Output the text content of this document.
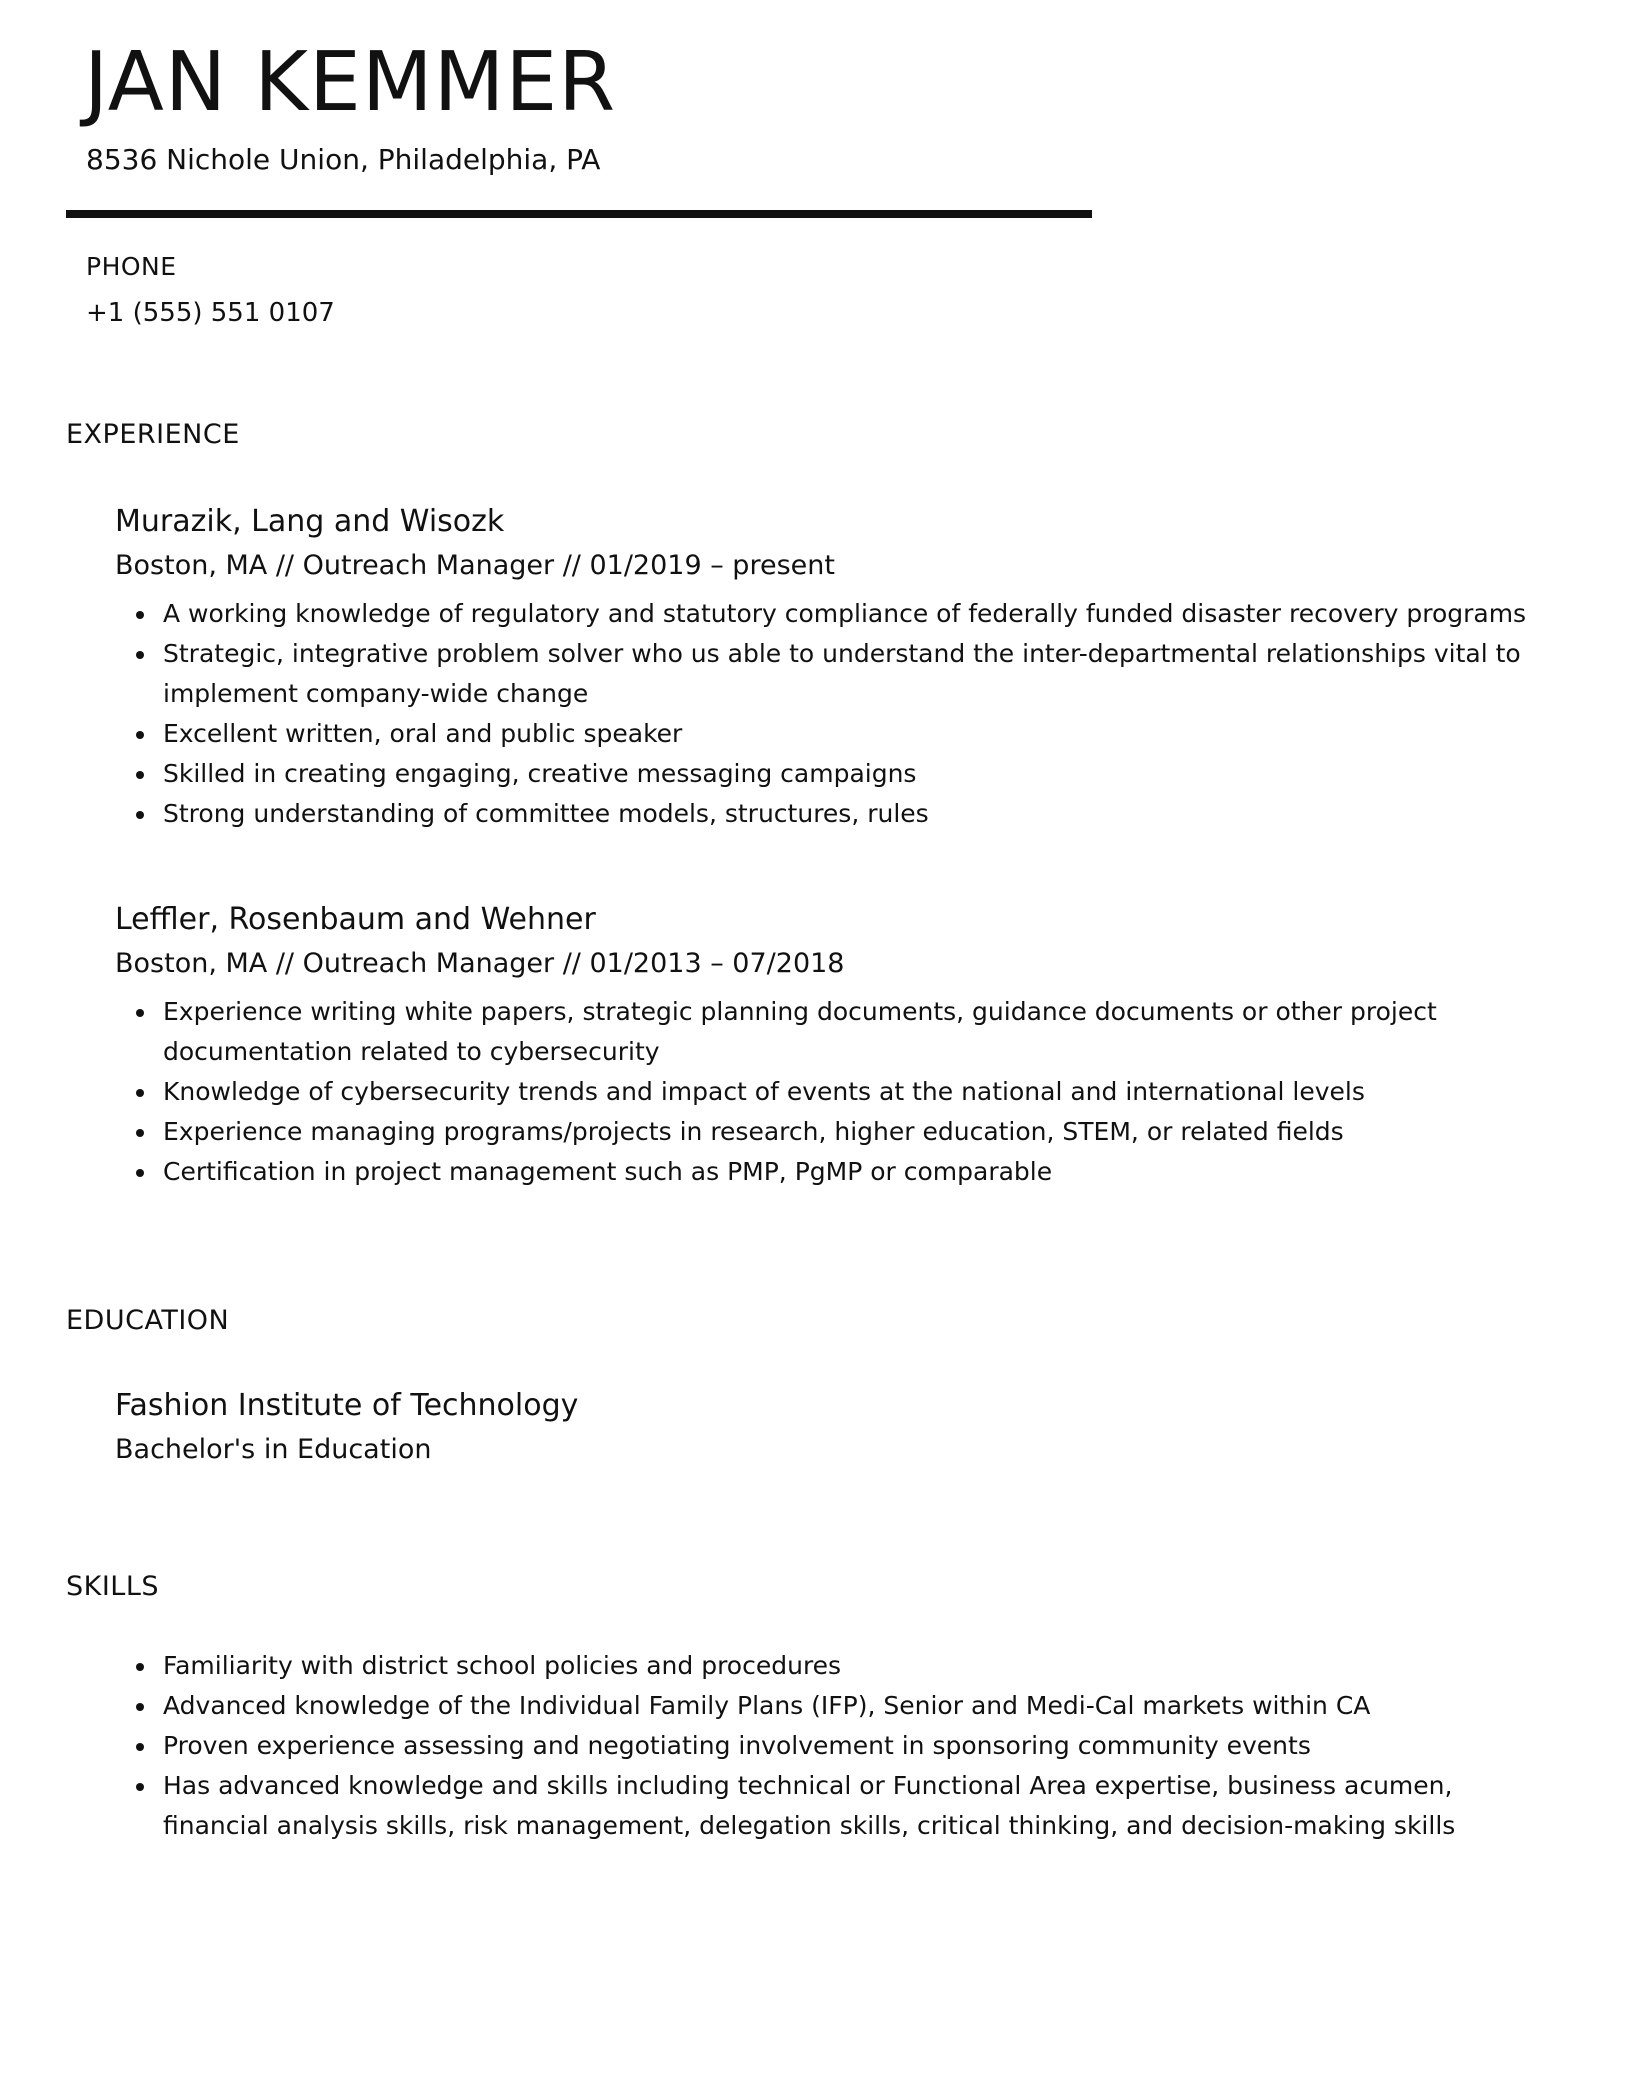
JAN KEMMER
8536 Nichole Union, Philadelphia, PA
PHONE
+1 (555) 551 0107
EXPERIENCE
Murazik, Lang and Wisozk
Boston, MA // Outreach Manager // 01/2019 – present
A working knowledge of regulatory and statutory compliance of federally funded disaster recovery programs
Strategic, integrative problem solver who us able to understand the inter-departmental relationships vital to implement company-wide change
Excellent written, oral and public speaker
Skilled in creating engaging, creative messaging campaigns
Strong understanding of committee models, structures, rules
Leffler, Rosenbaum and Wehner
Boston, MA // Outreach Manager // 01/2013 – 07/2018
Experience writing white papers, strategic planning documents, guidance documents or other project documentation related to cybersecurity
Knowledge of cybersecurity trends and impact of events at the national and international levels
Experience managing programs/projects in research, higher education, STEM, or related fields
Certification in project management such as PMP, PgMP or comparable
EDUCATION
Fashion Institute of Technology
Bachelor's in Education
SKILLS
Familiarity with district school policies and procedures
Advanced knowledge of the Individual Family Plans (IFP), Senior and Medi-Cal markets within CA
Proven experience assessing and negotiating involvement in sponsoring community events
Has advanced knowledge and skills including technical or Functional Area expertise, business acumen, financial analysis skills, risk management, delegation skills, critical thinking, and decision-making skills
